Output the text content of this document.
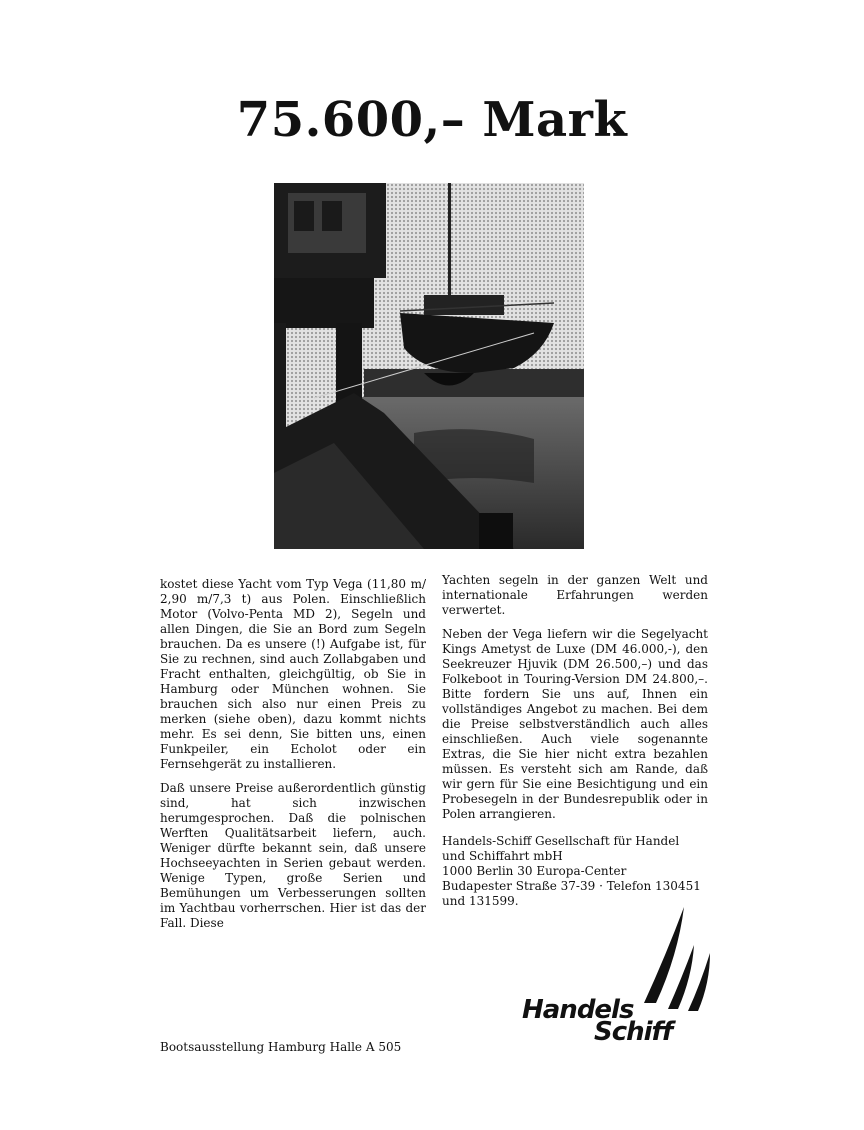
75.600,– Mark

kostet diese Yacht vom Typ Vega (11,80 m/ 2,90 m/7,3 t) aus Polen. Einschließlich Motor (Volvo-Penta MD 2), Segeln und allen Dingen, die Sie an Bord zum Segeln brauchen. Da es unsere (!) Aufgabe ist, für Sie zu rechnen, sind auch Zollabgaben und Fracht enthalten, gleichgültig, ob Sie in Hamburg oder München wohnen. Sie brauchen sich also nur einen Preis zu merken (siehe oben), dazu kommt nichts mehr. Es sei denn, Sie bitten uns, einen Funkpeiler, ein Echolot oder ein Fernsehgerät zu installieren.

Daß unsere Preise außerordentlich günstig sind, hat sich inzwischen herumgesprochen. Daß die polnischen Werften Qualitätsarbeit liefern, auch. Weniger dürfte bekannt sein, daß unsere Hochseeyachten in Serien gebaut werden. Wenige Typen, große Serien und Bemühungen um Verbesserungen sollten im Yachtbau vorherrschen. Hier ist das der Fall. Diese

Yachten segeln in der ganzen Welt und internationale Erfahrungen werden verwertet.

Neben der Vega liefern wir die Segelyacht Kings Ametyst de Luxe (DM 46.000,-), den Seekreuzer Hjuvik (DM 26.500,–) und das Folkeboot in Touring-Version DM 24.800,–. Bitte fordern Sie uns auf, Ihnen ein vollständiges Angebot zu machen. Bei dem die Preise selbstverständlich auch alles einschließen. Auch viele sogenannte Extras, die Sie hier nicht extra bezahlen müssen. Es versteht sich am Rande, daß wir gern für Sie eine Besichtigung und ein Probesegeln in der Bundesrepublik oder in Polen arrangieren.

Handels-Schiff Gesellschaft für Handel
und Schiffahrt mbH
1000 Berlin 30 Europa-Center
Budapester Straße 37-39 · Telefon 130451
und 131599.
Handels
Schiff
Bootsausstellung Hamburg Halle A 505
